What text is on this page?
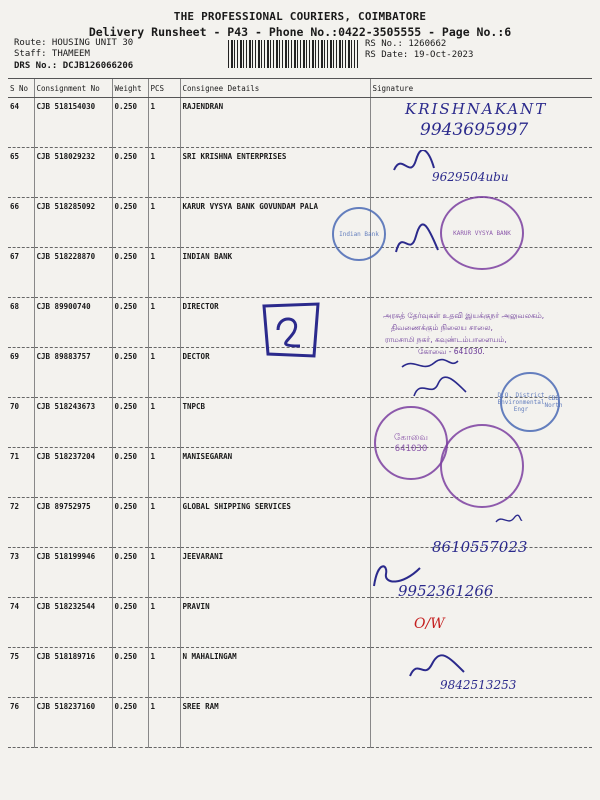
THE PROFESSIONAL COURIERS, COIMBATORE
Delivery Runsheet - P43 - Phone No.:0422-3505555 - Page No.:6
Route: HOUSING UNIT 30
Staff: THAMEEM
DRS No.: DCJB126066206
RS No.: 1260662
RS Date: 19-Oct-2023
S No	Consignment No	Weight	PCS	Consignee Details	Signature
64	CJB 518154030	0.250	1	RAJENDRAN	
65	CJB 518029232	0.250	1	SRI KRISHNA ENTERPRISES	
66	CJB 518285092	0.250	1	KARUR VYSYA BANK GOVUNDAM PALA	
67	CJB 518228870	0.250	1	INDIAN BANK	
68	CJB 89900740	0.250	1	DIRECTOR	
69	CJB 89883757	0.250	1	DECTOR	
70	CJB 518243673	0.250	1	TNPCB	
71	CJB 518237204	0.250	1	MANISEGARAN	
72	CJB 89752975	0.250	1	GLOBAL SHIPPING SERVICES	
73	CJB 518199946	0.250	1	JEEVARANI	
74	CJB 518232544	0.250	1	PRAVIN	
75	CJB 518189716	0.250	1	N MAHALINGAM	
76	CJB 518237160	0.250	1	SREE RAM	
KRISHNAKANT
9943695997
9629504ubu
Indian Bank	KARUR VYSYA BANK
அரசுத் தேர்வுகள் உதவி இயக்குநர் அலுவலகம்,
திவணைக்கும் நிலைய சாலை,
ராமசாமி நகர், கவுண்டம்பாளையம்,
கோவை - 641030.
D.O. District Environmental Engr

CBE North
கோவை 641030
8610557023
9952361266
O/W
9842513253
